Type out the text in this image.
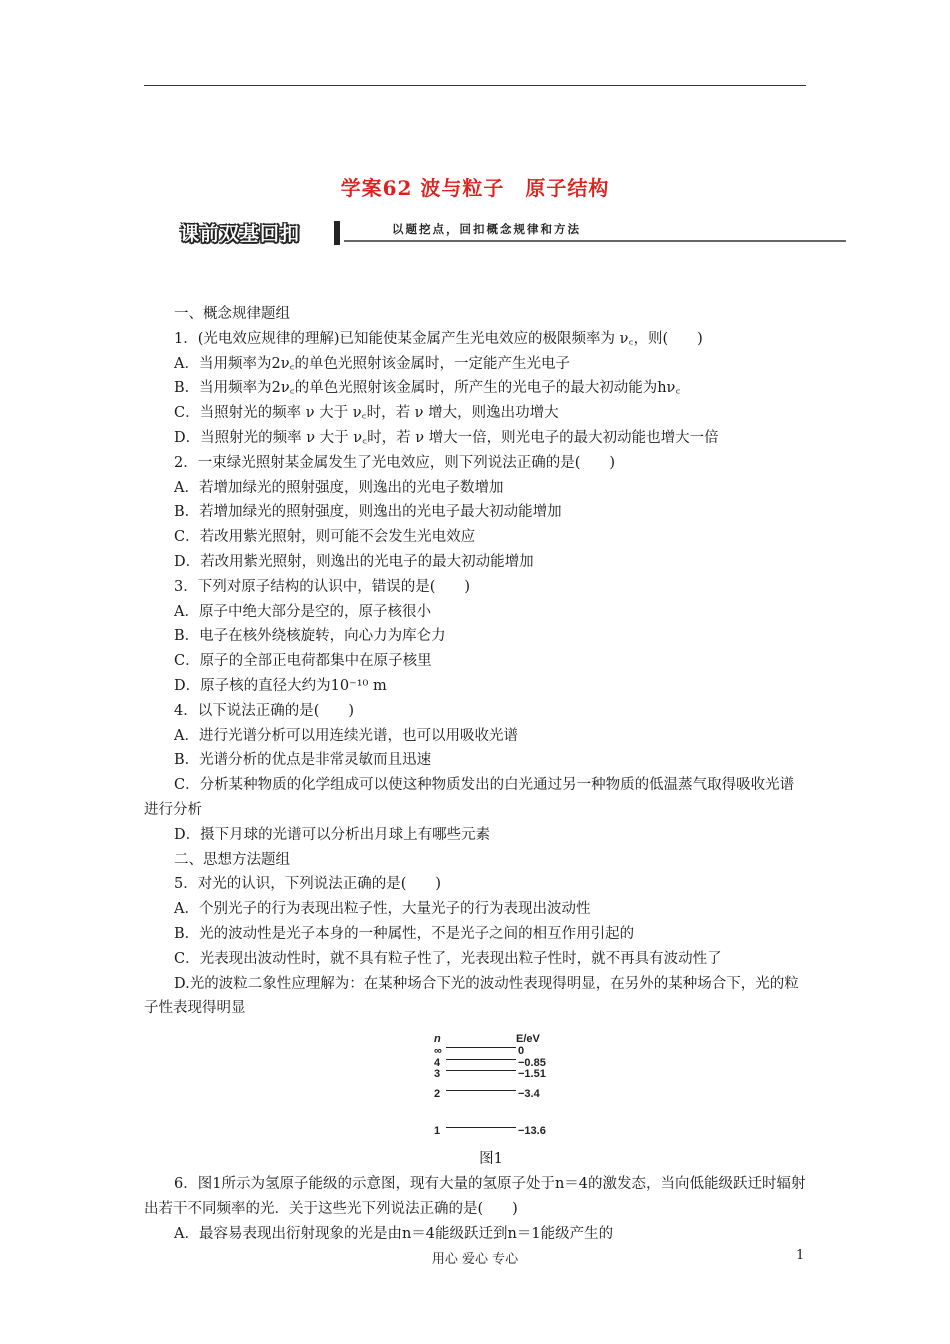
学案62 波与粒子　原子结构
课前双基回扣	以题挖点，回扣概念规律和方法

一、概念规律题组

1．(光电效应规律的理解)已知能使某金属产生光电效应的极限频率为 ν꜀，则(　　)

A．当用频率为2ν꜀的单色光照射该金属时，一定能产生光电子

B．当用频率为2ν꜀的单色光照射该金属时，所产生的光电子的最大初动能为hν꜀

C．当照射光的频率 ν 大于 ν꜀时，若 ν 增大，则逸出功增大

D．当照射光的频率 ν 大于 ν꜀时，若 ν 增大一倍，则光电子的最大初动能也增大一倍

2．一束绿光照射某金属发生了光电效应，则下列说法正确的是(　　)

A．若增加绿光的照射强度，则逸出的光电子数增加

B．若增加绿光的照射强度，则逸出的光电子最大初动能增加

C．若改用紫光照射，则可能不会发生光电效应

D．若改用紫光照射，则逸出的光电子的最大初动能增加

3．下列对原子结构的认识中，错误的是(　　)

A．原子中绝大部分是空的，原子核很小

B．电子在核外绕核旋转，向心力为库仑力

C．原子的全部正电荷都集中在原子核里

D．原子核的直径大约为10⁻¹⁰ m

4．以下说法正确的是(　　)

A．进行光谱分析可以用连续光谱，也可以用吸收光谱

B．光谱分析的优点是非常灵敏而且迅速

C．分析某种物质的化学组成可以使这种物质发出的白光通过另一种物质的低温蒸气取得吸收光谱进行分析

D．摄下月球的光谱可以分析出月球上有哪些元素

二、思想方法题组

5．对光的认识，下列说法正确的是(　　)

A．个别光子的行为表现出粒子性，大量光子的行为表现出波动性

B．光的波动性是光子本身的一种属性，不是光子之间的相互作用引起的

C．光表现出波动性时，就不具有粒子性了，光表现出粒子性时，就不再具有波动性了

D.光的波粒二象性应理解为：在某种场合下光的波动性表现得明显，在另外的某种场合下，光的粒子性表现得明显

n	E/eV
∞	0
4	−0.85
3	−1.51
2	−3.4
1	−13.6

图1

6．图1所示为氢原子能级的示意图，现有大量的氢原子处于n＝4的激发态，当向低能级跃迁时辐射出若干不同频率的光．关于这些光下列说法正确的是(　　)

A．最容易表现出衍射现象的光是由n＝4能级跃迁到n＝1能级产生的

用心 爱心 专心	1
